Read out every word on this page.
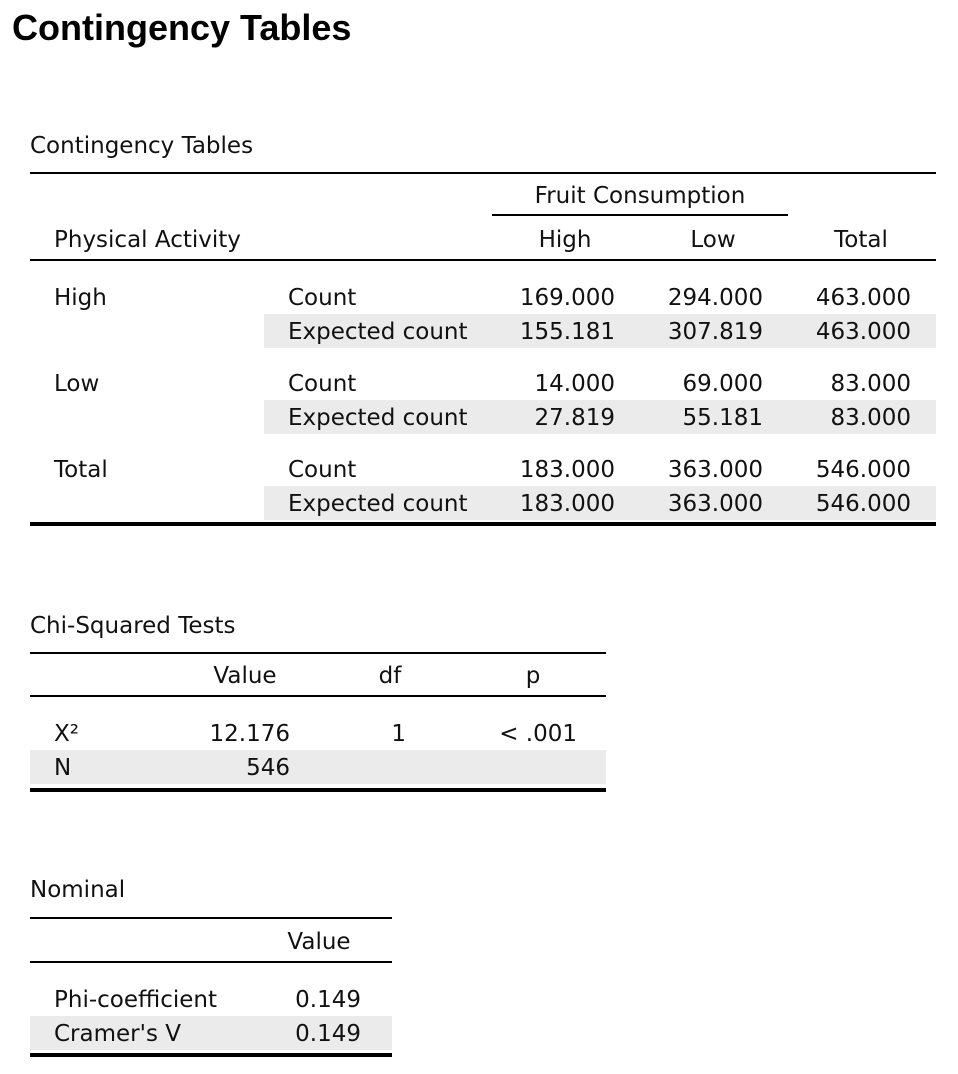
Contingency Tables
Contingency Tables
Fruit Consumption
Physical Activity	High	Low	Total
High	Count	169.000	294.000	463.000
Expected count	155.181	307.819	463.000
Low	Count	14.000	69.000	83.000
Expected count	27.819	55.181	83.000
Total	Count	183.000	363.000	546.000
Expected count	183.000	363.000	546.000
Chi-Squared Tests
Value	df	p
X²	12.176	1	< .001
N	546
Nominal
Value
Phi-coefficient	0.149
Cramer's V	0.149
